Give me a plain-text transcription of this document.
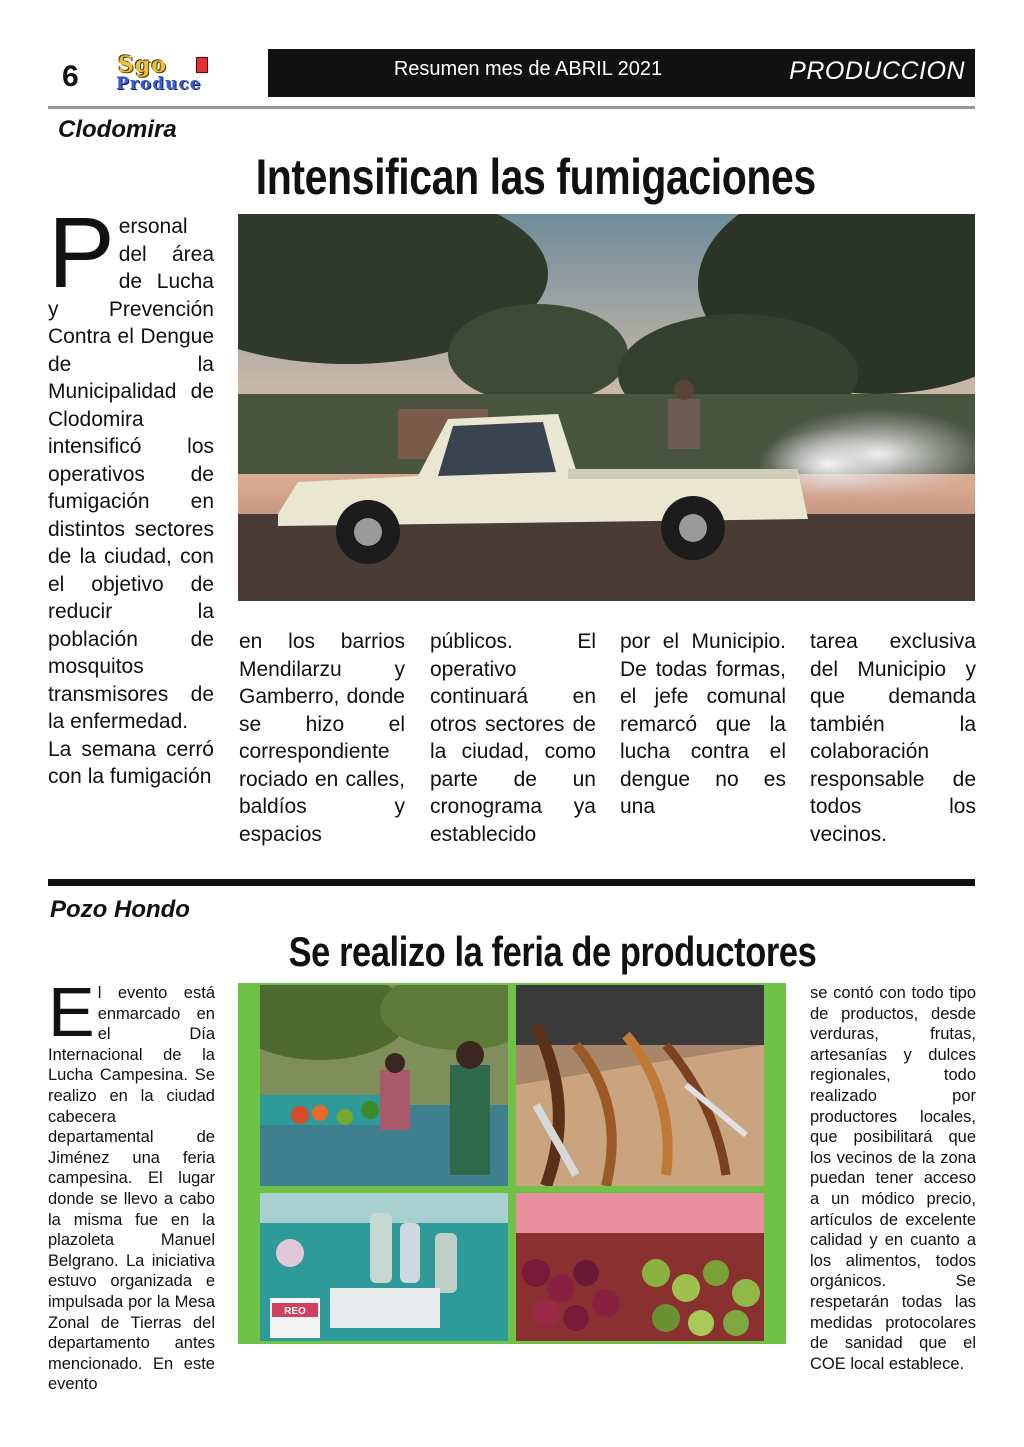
6 Sgo
Produce
Resumen mes de ABRIL 2021	PRODUCCION
Clodomira
Intensifican las fumigaciones
Personal del área de Lucha y Prevención Contra el Dengue de la Municipalidad de Clodomira intensificó los operativos de fumigación en distintos sectores de la ciudad, con el objetivo de reducir la población de mosquitos transmisores de la enfermedad.
La semana cerró con la fumigación
en los barrios Mendilarzu y Gamberro, donde se hizo el correspondiente rociado en calles, baldíos y espacios
públicos. El operativo continuará en otros sectores de la ciudad, como parte de un cronograma ya establecido
por el Municipio. De todas formas, el jefe comunal remarcó que la lucha contra el dengue no es una
tarea exclusiva del Municipio y que demanda también la colaboración responsable de todos los vecinos.
Pozo Hondo
Se realizo la feria de productores
El evento está enmarcado en el Día Internacional de la Lucha Campesina. Se realizo en la ciudad cabecera departamental de Jiménez una feria campesina. El lugar donde se llevo a cabo la misma fue en la plazoleta Manuel Belgrano. La iniciativa estuvo organizada e impulsada por la Mesa Zonal de Tierras del departamento antes mencionado. En este evento
REO
se contó con todo tipo de productos, desde verduras, frutas, artesanías y dulces regionales, todo realizado por productores locales, que posibilitará que los vecinos de la zona puedan tener acceso a un módico precio, artículos de excelente calidad y en cuanto a los alimentos, todos orgánicos. Se respetarán todas las medidas protocolares de sanidad que el COE local establece.
